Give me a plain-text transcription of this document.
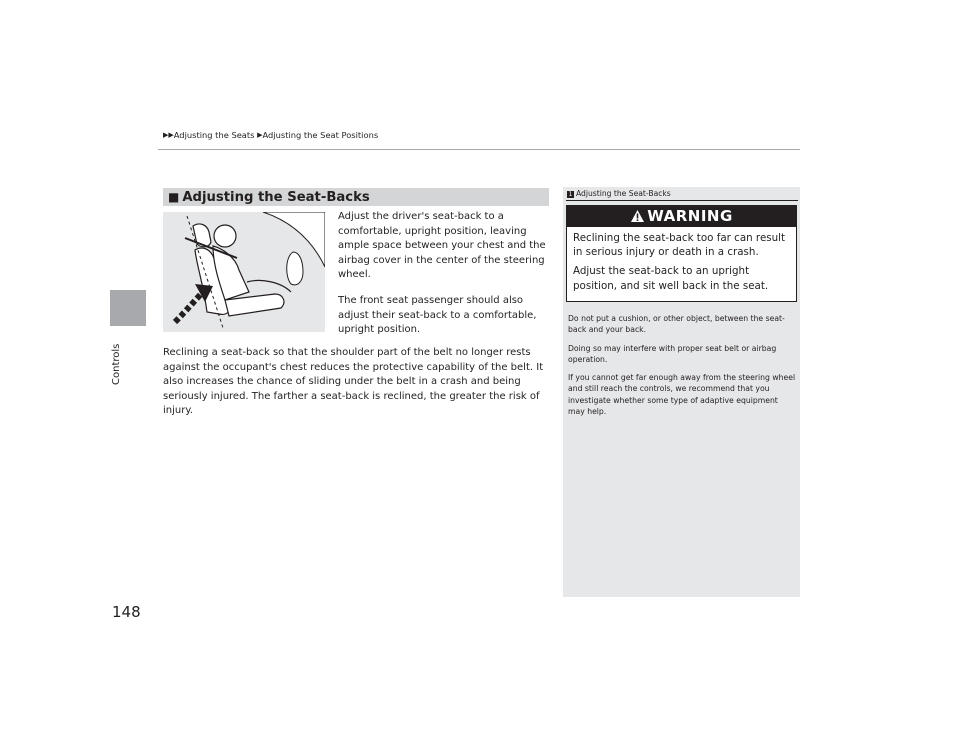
Controls
148
▶▶Adjusting the Seats ▶Adjusting the Seat Positions
■ Adjusting the Seat-Backs

Adjust the driver's seat-back to a comfortable, upright position, leaving ample space between your chest and the airbag cover in the center of the steering wheel.

The front seat passenger should also adjust their seat-back to a comfortable, upright position.

Reclining a seat-back so that the shoulder part of the belt no longer rests against the occupant's chest reduces the protective capability of the belt. It also increases the chance of sliding under the belt in a crash and being seriously injured. The farther a seat-back is reclined, the greater the risk of injury.

1 Adjusting the Seat-Backs
WARNING

Reclining the seat-back too far can result in serious injury or death in a crash.

Adjust the seat-back to an upright position, and sit well back in the seat.

Do not put a cushion, or other object, between the seat-back and your back.

Doing so may interfere with proper seat belt or airbag operation.

If you cannot get far enough away from the steering wheel and still reach the controls, we recommend that you investigate whether some type of adaptive equipment may help.
